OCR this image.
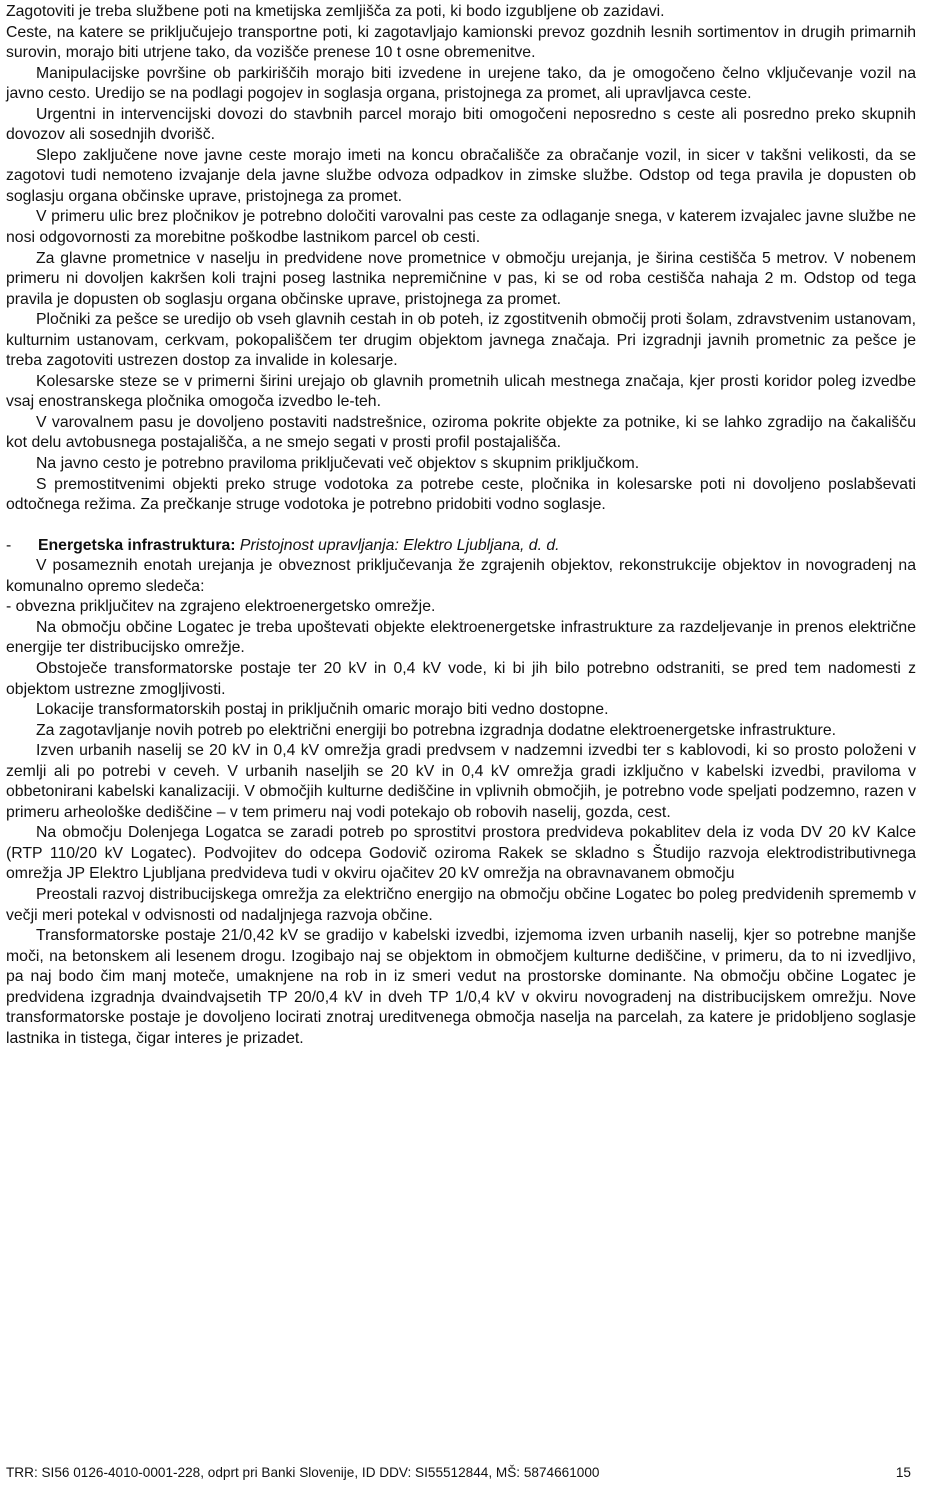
Zagotoviti je treba službene poti na kmetijska zemljišča za poti, ki bodo izgubljene ob zazidavi.

Ceste, na katere se priključujejo transportne poti, ki zagotavljajo kamionski prevoz gozdnih lesnih sortimentov in drugih primarnih surovin, morajo biti utrjene tako, da vozišče prenese 10 t osne obremenitve.

Manipulacijske površine ob parkiriščih morajo biti izvedene in urejene tako, da je omogočeno čelno vključevanje vozil na javno cesto. Uredijo se na podlagi pogojev in soglasja organa, pristojnega za promet, ali upravljavca ceste.

Urgentni in intervencijski dovozi do stavbnih parcel morajo biti omogočeni neposredno s ceste ali posredno preko skupnih dovozov ali sosednjih dvorišč.

Slepo zaključene nove javne ceste morajo imeti na koncu obračališče za obračanje vozil, in sicer v takšni velikosti, da se zagotovi tudi nemoteno izvajanje dela javne službe odvoza odpadkov in zimske službe. Odstop od tega pravila je dopusten ob soglasju organa občinske uprave, pristojnega za promet.

V primeru ulic brez pločnikov je potrebno določiti varovalni pas ceste za odlaganje snega, v katerem izvajalec javne službe ne nosi odgovornosti za morebitne poškodbe lastnikom parcel ob cesti.

Za glavne prometnice v naselju in predvidene nove prometnice v območju urejanja, je širina cestišča 5 metrov. V nobenem primeru ni dovoljen kakršen koli trajni poseg lastnika nepremičnine v pas, ki se od roba cestišča nahaja 2 m. Odstop od tega pravila je dopusten ob soglasju organa občinske uprave, pristojnega za promet.

Pločniki za pešce se uredijo ob vseh glavnih cestah in ob poteh, iz zgostitvenih območij proti šolam, zdravstvenim ustanovam, kulturnim ustanovam, cerkvam, pokopališčem ter drugim objektom javnega značaja. Pri izgradnji javnih prometnic za pešce je treba zagotoviti ustrezen dostop za invalide in kolesarje.

Kolesarske steze se v primerni širini urejajo ob glavnih prometnih ulicah mestnega značaja, kjer prosti koridor poleg izvedbe vsaj enostranskega pločnika omogoča izvedbo le-teh.

V varovalnem pasu je dovoljeno postaviti nadstrešnice, oziroma pokrite objekte za potnike, ki se lahko zgradijo na čakališču kot delu avtobusnega postajališča, a ne smejo segati v prosti profil postajališča.

Na javno cesto je potrebno praviloma priključevati več objektov s skupnim priključkom.

S premostitvenimi objekti preko struge vodotoka za potrebe ceste, pločnika in kolesarske poti ni dovoljeno poslabševati odtočnega režima. Za prečkanje struge vodotoka je potrebno pridobiti vodno soglasje.

-	Energetska infrastruktura: Pristojnost upravljanja: Elektro Ljubljana, d. d.

V posameznih enotah urejanja je obveznost priključevanja že zgrajenih objektov, rekonstrukcije objektov in novogradenj na komunalno opremo sledeča:

- obvezna priključitev na zgrajeno elektroenergetsko omrežje.

Na območju občine Logatec je treba upoštevati objekte elektroenergetske infrastrukture za razdeljevanje in prenos električne energije ter distribucijsko omrežje.

Obstoječe transformatorske postaje ter 20 kV in 0,4 kV vode, ki bi jih bilo potrebno odstraniti, se pred tem nadomesti z objektom ustrezne zmogljivosti.

Lokacije transformatorskih postaj in priključnih omaric morajo biti vedno dostopne.

Za zagotavljanje novih potreb po električni energiji bo potrebna izgradnja dodatne elektroenergetske infrastrukture.

Izven urbanih naselij se 20 kV in 0,4 kV omrežja gradi predvsem v nadzemni izvedbi ter s kablovodi, ki so prosto položeni v zemlji ali po potrebi v ceveh. V urbanih naseljih se 20 kV in 0,4 kV omrežja gradi izključno v kabelski izvedbi, praviloma v obbetonirani kabelski kanalizaciji. V območjih kulturne dediščine in vplivnih območjih, je potrebno vode speljati podzemno, razen v primeru arheološke dediščine – v tem primeru naj vodi potekajo ob robovih naselij, gozda, cest.

Na območju Dolenjega Logatca se zaradi potreb po sprostitvi prostora predvideva pokablitev dela iz voda DV 20 kV Kalce (RTP 110/20 kV Logatec). Podvojitev do odcepa Godovič oziroma Rakek se skladno s Študijo razvoja elektrodistributivnega omrežja JP Elektro Ljubljana predvideva tudi v okviru ojačitev 20 kV omrežja na obravnavanem območju

Preostali razvoj distribucijskega omrežja za električno energijo na območju občine Logatec bo poleg predvidenih sprememb v večji meri potekal v odvisnosti od nadaljnjega razvoja občine.

Transformatorske postaje 21/0,42 kV se gradijo v kabelski izvedbi, izjemoma izven urbanih naselij, kjer so potrebne manjše moči, na betonskem ali lesenem drogu. Izogibajo naj se objektom in območjem kulturne dediščine, v primeru, da to ni izvedljivo, pa naj bodo čim manj moteče, umaknjene na rob in iz smeri vedut na prostorske dominante. Na območju občine Logatec je predvidena izgradnja dvaindvajsetih TP 20/0,4 kV in dveh TP 1/0,4 kV v okviru novogradenj na distribucijskem omrežju. Nove transformatorske postaje je dovoljeno locirati znotraj ureditvenega območja naselja na parcelah, za katere je pridobljeno soglasje lastnika in tistega, čigar interes je prizadet.

TRR: SI56 0126-4010-0001-228, odprt pri Banki Slovenije, ID DDV: SI55512844, MŠ: 5874661000	15
